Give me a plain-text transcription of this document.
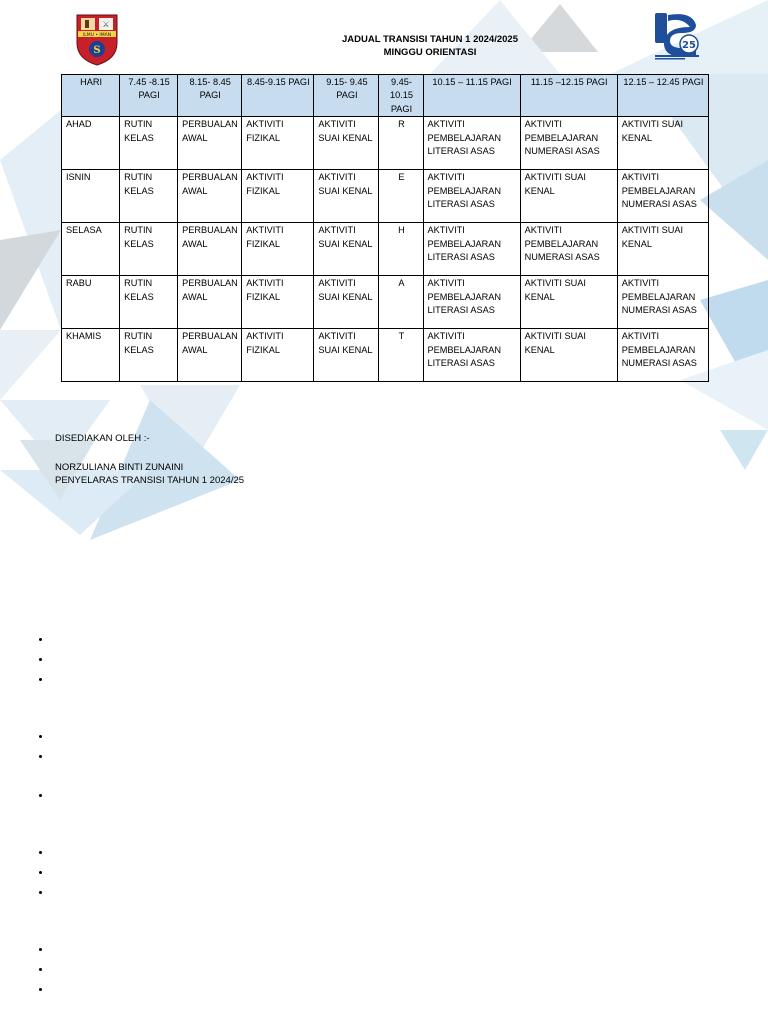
⚔
ILMU • IMAN
S
JADUAL TRANSISI TAHUN 1 2024/2025
MINGGU ORIENTASI
25
HARI	7.45 -8.15 PAGI	8.15- 8.45 PAGI	8.45-9.15 PAGI	9.15- 9.45 PAGI	9.45- 10.15 PAGI	10.15 – 11.15 PAGI	11.15 –12.15 PAGI	12.15 – 12.45 PAGI
AHAD	RUTIN KELAS	PERBUALAN AWAL	AKTIVITI FIZIKAL	AKTIVITI SUAI KENAL	R	AKTIVITI PEMBELAJARAN LITERASI ASAS	AKTIVITI PEMBELAJARAN NUMERASI ASAS	AKTIVITI SUAI KENAL
ISNIN	RUTIN KELAS	PERBUALAN AWAL	AKTIVITI FIZIKAL	AKTIVITI SUAI KENAL	E	AKTIVITI PEMBELAJARAN LITERASI ASAS	AKTIVITI SUAI KENAL	AKTIVITI PEMBELAJARAN NUMERASI ASAS
SELASA	RUTIN KELAS	PERBUALAN AWAL	AKTIVITI FIZIKAL	AKTIVITI SUAI KENAL	H	AKTIVITI PEMBELAJARAN LITERASI ASAS	AKTIVITI PEMBELAJARAN NUMERASI ASAS	AKTIVITI SUAI KENAL
RABU	RUTIN KELAS	PERBUALAN AWAL	AKTIVITI FIZIKAL	AKTIVITI SUAI KENAL	A	AKTIVITI PEMBELAJARAN LITERASI ASAS	AKTIVITI SUAI KENAL	AKTIVITI PEMBELAJARAN NUMERASI ASAS
KHAMIS	RUTIN KELAS	PERBUALAN AWAL	AKTIVITI FIZIKAL	AKTIVITI SUAI KENAL	T	AKTIVITI PEMBELAJARAN LITERASI ASAS	AKTIVITI SUAI KENAL	AKTIVITI PEMBELAJARAN NUMERASI ASAS
DISEDIAKAN OLEH :-
NORZULIANA BINTI ZUNAINI
PENYELARAS TRANSISI TAHUN 1 2024/25
